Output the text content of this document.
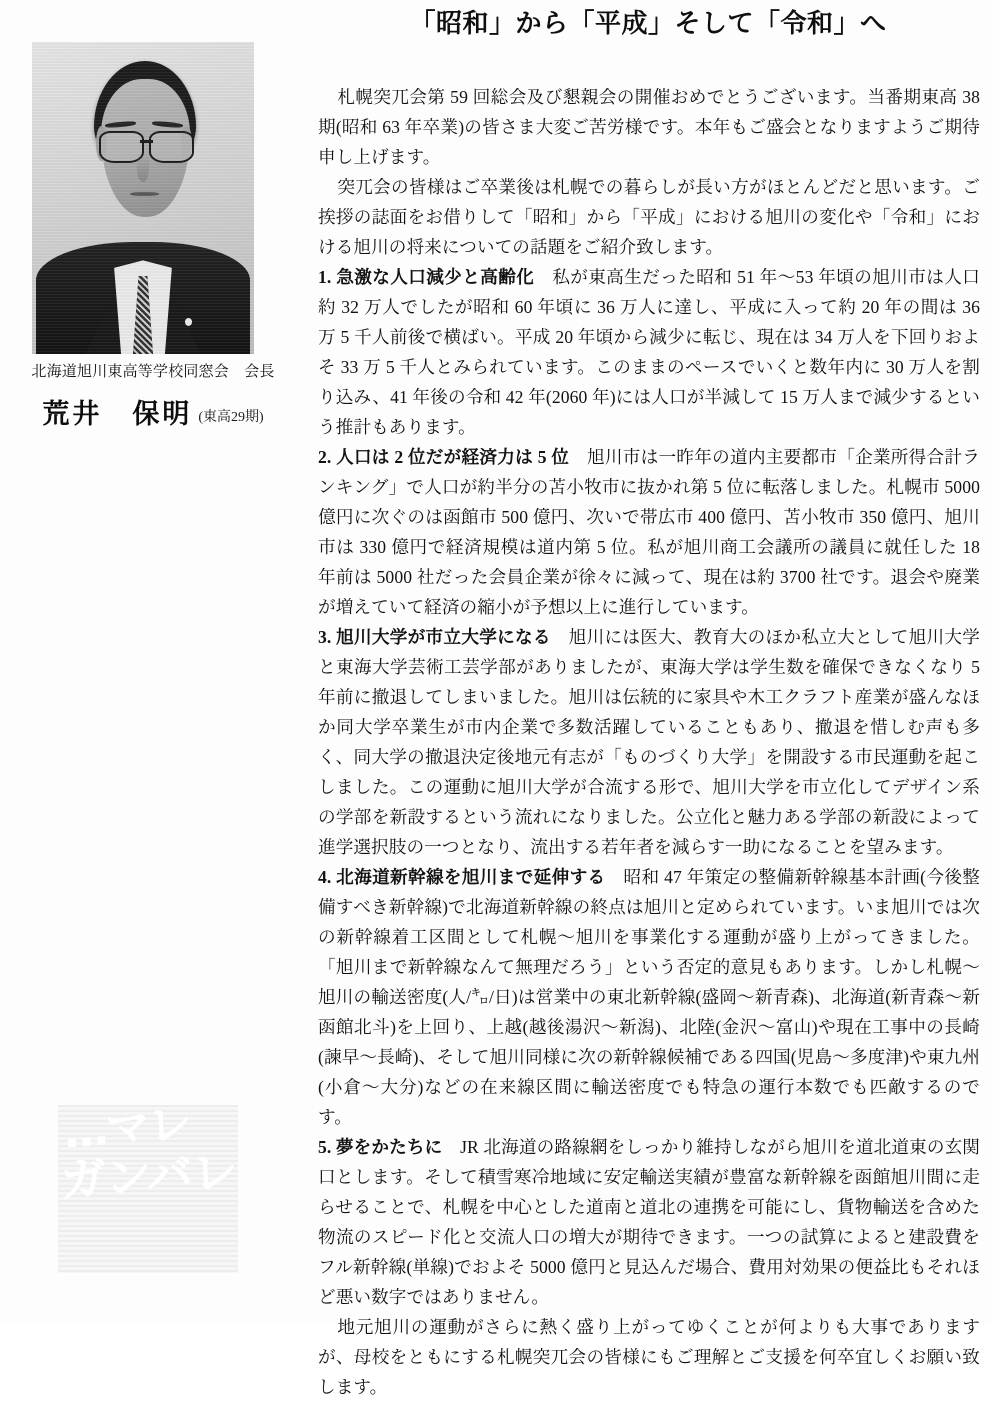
「昭和」から「平成」そして「令和」へ
北海道旭川東高等学校同窓会　会長
荒井　保明 (東高29期)
…マレ
ガンバレ

札幌突兀会第 59 回総会及び懇親会の開催おめでとうございます。当番期東高 38 期(昭和 63 年卒業)の皆さま大変ご苦労様です。本年もご盛会となりますようご期待申し上げます。

突兀会の皆様はご卒業後は札幌での暮らしが長い方がほとんどだと思います。ご挨拶の誌面をお借りして「昭和」から「平成」における旭川の変化や「令和」における旭川の将来についての話題をご紹介致します。

1. 急激な人口減少と高齢化　私が東高生だった昭和 51 年〜53 年頃の旭川市は人口約 32 万人でしたが昭和 60 年頃に 36 万人に達し、平成に入って約 20 年の間は 36 万 5 千人前後で横ばい。平成 20 年頃から減少に転じ、現在は 34 万人を下回りおよそ 33 万 5 千人とみられています。このままのペースでいくと数年内に 30 万人を割り込み、41 年後の令和 42 年(2060 年)には人口が半減して 15 万人まで減少するという推計もあります。

2. 人口は 2 位だが経済力は 5 位　旭川市は一昨年の道内主要都市「企業所得合計ランキング」で人口が約半分の苫小牧市に抜かれ第 5 位に転落しました。札幌市 5000 億円に次ぐのは函館市 500 億円、次いで帯広市 400 億円、苫小牧市 350 億円、旭川市は 330 億円で経済規模は道内第 5 位。私が旭川商工会議所の議員に就任した 18 年前は 5000 社だった会員企業が徐々に減って、現在は約 3700 社です。退会や廃業が増えていて経済の縮小が予想以上に進行しています。

3. 旭川大学が市立大学になる　旭川には医大、教育大のほか私立大として旭川大学と東海大学芸術工芸学部がありましたが、東海大学は学生数を確保できなくなり 5 年前に撤退してしまいました。旭川は伝統的に家具や木工クラフト産業が盛んなほか同大学卒業生が市内企業で多数活躍していることもあり、撤退を惜しむ声も多く、同大学の撤退決定後地元有志が「ものづくり大学」を開設する市民運動を起こしました。この運動に旭川大学が合流する形で、旭川大学を市立化してデザイン系の学部を新設するという流れになりました。公立化と魅力ある学部の新設によって進学選択肢の一つとなり、流出する若年者を減らす一助になることを望みます。

4. 北海道新幹線を旭川まで延伸する　昭和 47 年策定の整備新幹線基本計画(今後整備すべき新幹線)で北海道新幹線の終点は旭川と定められています。いま旭川では次の新幹線着工区間として札幌〜旭川を事業化する運動が盛り上がってきました。「旭川まで新幹線なんて無理だろう」という否定的意見もあります。しかし札幌〜旭川の輸送密度(人/㌔/日)は営業中の東北新幹線(盛岡〜新青森)、北海道(新青森〜新函館北斗)を上回り、上越(越後湯沢〜新潟)、北陸(金沢〜富山)や現在工事中の長崎(諫早〜長崎)、そして旭川同様に次の新幹線候補である四国(児島〜多度津)や東九州(小倉〜大分)などの在来線区間に輸送密度でも特急の運行本数でも匹敵するのです。

5. 夢をかたちに　JR 北海道の路線網をしっかり維持しながら旭川を道北道東の玄関口とします。そして積雪寒冷地域に安定輸送実績が豊富な新幹線を函館旭川間に走らせることで、札幌を中心とした道南と道北の連携を可能にし、貨物輸送を含めた物流のスピード化と交流人口の増大が期待できます。一つの試算によると建設費をフル新幹線(単線)でおよそ 5000 億円と見込んだ場合、費用対効果の便益比もそれほど悪い数字ではありません。

地元旭川の運動がさらに熱く盛り上がってゆくことが何よりも大事でありますが、母校をともにする札幌突兀会の皆様にもご理解とご支援を何卒宜しくお願い致します。
